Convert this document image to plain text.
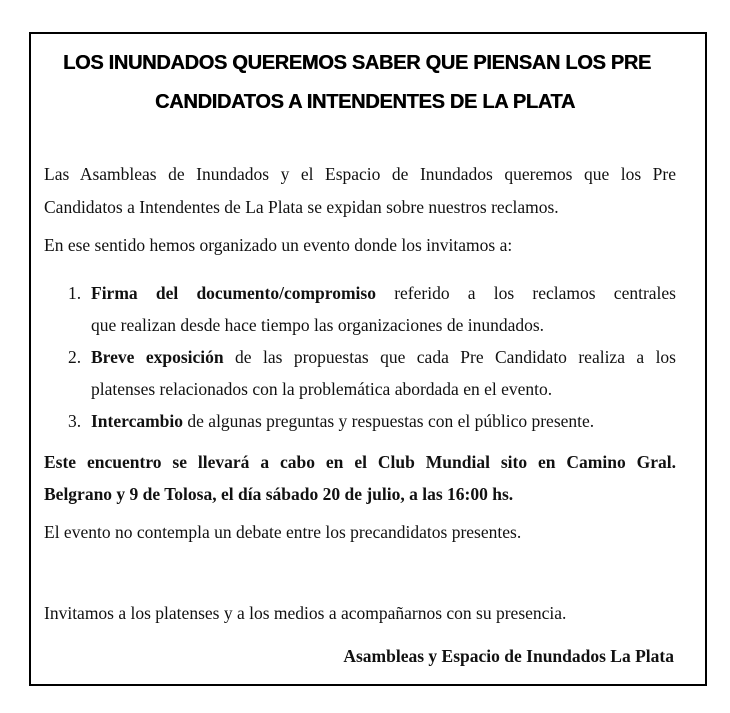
LOS INUNDADOS QUEREMOS SABER QUE PIENSAN LOS PRE
CANDIDATOS A INTENDENTES DE LA PLATA
Las Asambleas de Inundados y el Espacio de Inundados queremos que los Pre
Candidatos a Intendentes de La Plata se expidan sobre nuestros reclamos.
En ese sentido hemos organizado un evento donde los invitamos a:
1. Firma del documento/compromiso referido a los reclamos centrales
que realizan desde hace tiempo las organizaciones de inundados.
2. Breve exposición de las propuestas que cada Pre Candidato realiza a los
platenses relacionados con la problemática abordada en el evento.
3. Intercambio de algunas preguntas y respuestas con el público presente.
Este encuentro se llevará a cabo en el Club Mundial sito en Camino Gral.
Belgrano y 9 de Tolosa, el día sábado 20 de julio, a las 16:00 hs.
El evento no contempla un debate entre los precandidatos presentes.
Invitamos a los platenses y a los medios a acompañarnos con su presencia.
Asambleas y Espacio de Inundados La Plata
